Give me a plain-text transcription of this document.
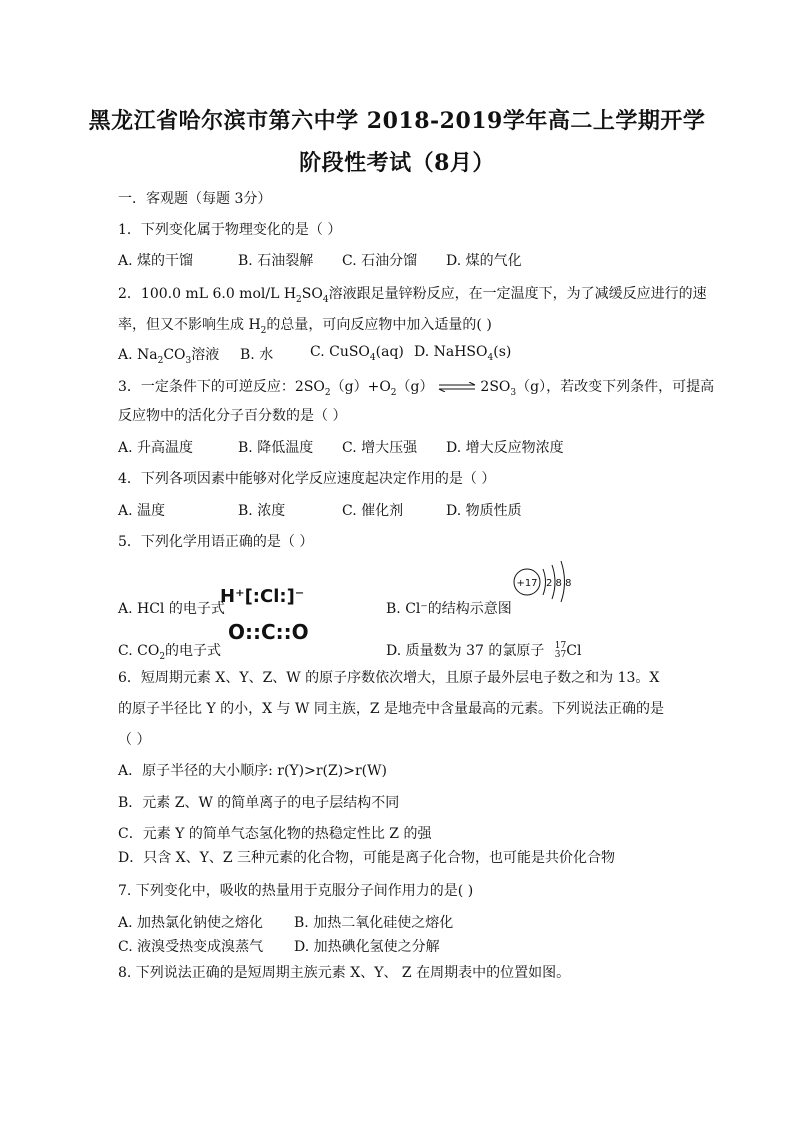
黑龙江省哈尔滨市第六中学 2018-2019学年高二上学期开学
阶段性考试（8月）
一．客观题（每题 3分）
1．下列变化属于物理变化的是（ ）
A. 煤的干馏	B. 石油裂解 C. 石油分馏 D. 煤的气化
2．100.0 mL 6.0 mol/L $H_2SO_4$溶液跟足量锌粉反应，在一定温度下，为了减缓反应进行的速
率，但又不影响生成 $H_2$的总量，可向反应物中加入适量的( )
A. $Na_2CO_3$溶液 B. 水	C. CuSO$_4$(aq) D. NaHSO$_4$(s)
3．一定条件下的可逆反应：$2SO_2(g)+O_2(g)$ ⇌ $2SO_3(g)$，若改变下列条件，可提高
反应物中的活化分子百分数的是（ ）
A. 升高温度	B. 降低温度 C. 增大压强 D. 增大反应物浓度
4．下列各项因素中能够对化学反应速度起决定作用的是（ ）
A. 温度	B. 浓度	C. 催化剂	D. 物质性质
5．下列化学用语正确的是（ ）
A. HCl 的电子式
H⁺[:Cl:]⁻
B. Cl⁻的结构示意图
+17 2 8 8
C. $CO_2$的电子式
O::C::O
D. 质量数为 37 的氯原子 17
37Cl
6．短周期元素 X、Y、Z、W 的原子序数依次增大，且原子最外层电子数之和为 13。X
的原子半径比 Y 的小，X 与 W 同主族，Z 是地壳中含量最高的元素。下列说法正确的是
（ ）
A．原子半径的大小顺序: r(Y)>r(Z)>r(W)
B．元素 Z、W 的简单离子的电子层结构不同
C．元素 Y 的简单气态氢化物的热稳定性比 Z 的强
D．只含 X、Y、Z 三种元素的化合物，可能是离子化合物，也可能是共价化合物
7. 下列变化中，吸收的热量用于克服分子间作用力的是( )
A. 加热氯化钠使之熔化 B. 加热二氧化硅使之熔化
C. 液溴受热变成溴蒸气 D. 加热碘化氢使之分解
8. 下列说法正确的是短周期主族元素 X、Y、 Z 在周期表中的位置如图。
